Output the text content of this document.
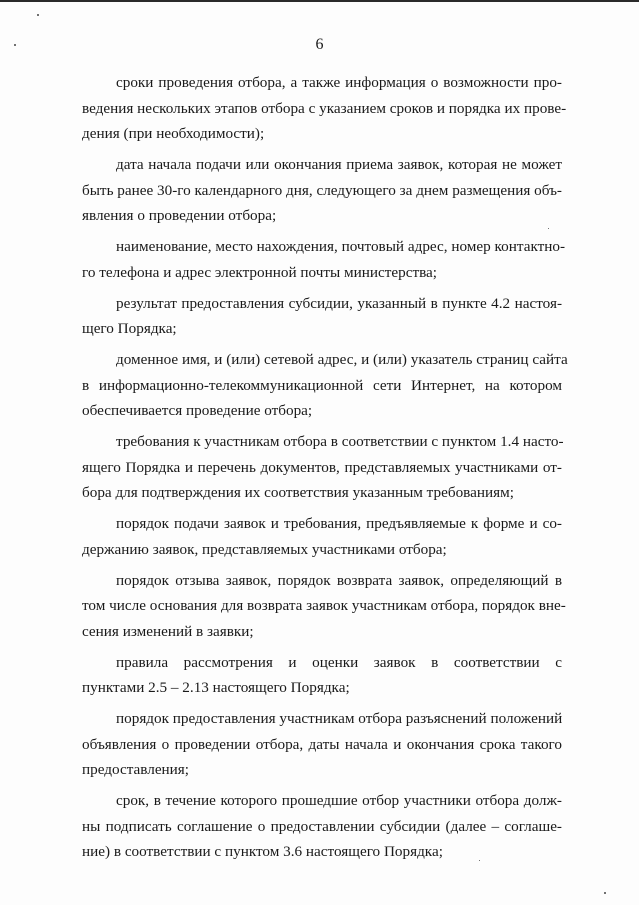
6

сроки проведения отбора, а также информация о возможности про-
ведения нескольких этапов отбора с указанием сроков и порядка их прове-
дения (при необходимости);

дата начала подачи или окончания приема заявок, которая не может
быть ранее 30-го календарного дня, следующего за днем размещения объ-
явления о проведении отбора;

наименование, место нахождения, почтовый адрес, номер контактно-
го телефона и адрес электронной почты министерства;

результат предоставления субсидии, указанный в пункте 4.2 настоя-
щего Порядка;

доменное имя, и (или) сетевой адрес, и (или) указатель страниц сайта
в информационно-телекоммуникационной сети Интернет, на котором
обеспечивается проведение отбора;

требования к участникам отбора в соответствии с пунктом 1.4 насто-
ящего Порядка и перечень документов, представляемых участниками от-
бора для подтверждения их соответствия указанным требованиям;

порядок подачи заявок и требования, предъявляемые к форме и со-
держанию заявок, представляемых участниками отбора;

порядок отзыва заявок, порядок возврата заявок, определяющий в
том числе основания для возврата заявок участникам отбора, порядок вне-
сения изменений в заявки;

правила рассмотрения и оценки заявок в соответствии с
пунктами 2.5 – 2.13 настоящего Порядка;

порядок предоставления участникам отбора разъяснений положений
объявления о проведении отбора, даты начала и окончания срока такого
предоставления;

срок, в течение которого прошедшие отбор участники отбора долж-
ны подписать соглашение о предоставлении субсидии (далее – соглаше-
ние) в соответствии с пунктом 3.6 настоящего Порядка;
